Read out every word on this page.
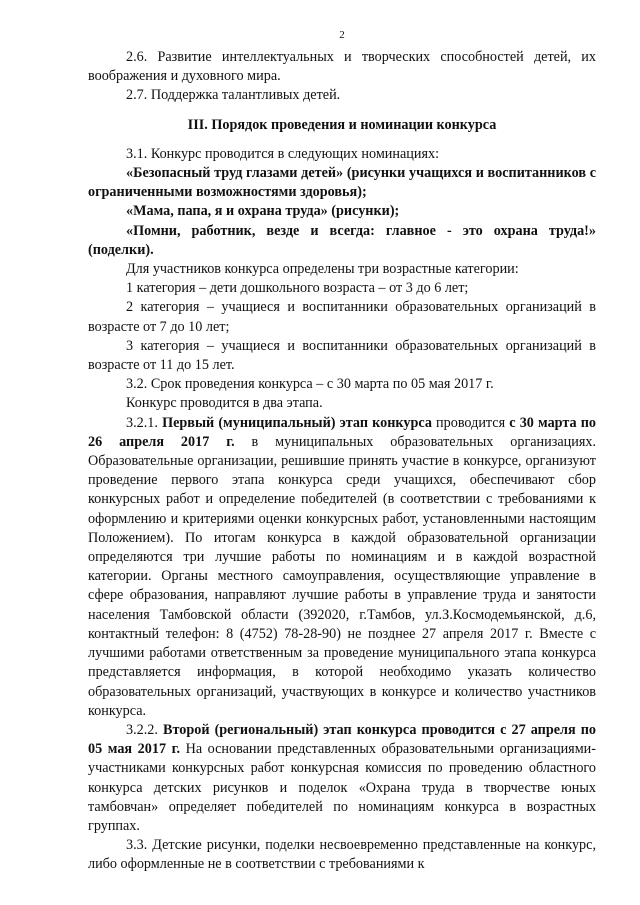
2

2.6. Развитие интеллектуальных и творческих способностей детей, их воображения и духовного мира.

2.7. Поддержка талантливых детей.

III. Порядок проведения и номинации конкурса

3.1. Конкурс проводится в следующих номинациях:

«Безопасный труд глазами детей» (рисунки учащихся и воспитанников с ограниченными возможностями здоровья);

«Мама, папа, я и охрана труда» (рисунки);

«Помни, работник, везде и всегда: главное - это охрана труда!» (поделки).

Для участников конкурса определены три возрастные категории:

1 категория – дети дошкольного возраста – от 3 до 6 лет;

2 категория – учащиеся и воспитанники образовательных организаций в возрасте от 7 до 10 лет;

3 категория – учащиеся и воспитанники образовательных организаций в возрасте от 11 до 15 лет.

3.2. Срок проведения конкурса – с 30 марта по 05 мая 2017 г.

Конкурс проводится в два этапа.

3.2.1. Первый (муниципальный) этап конкурса проводится с 30 марта по 26 апреля 2017 г. в муниципальных образовательных организациях. Образовательные организации, решившие принять участие в конкурсе, организуют проведение первого этапа конкурса среди учащихся, обеспечивают сбор конкурсных работ и определение победителей (в соответствии с требованиями к оформлению и критериями оценки конкурсных работ, установленными настоящим Положением). По итогам конкурса в каждой образовательной организации определяются три лучшие работы по номинациям и в каждой возрастной категории. Органы местного самоуправления, осуществляющие управление в сфере образования, направляют лучшие работы в управление труда и занятости населения Тамбовской области (392020, г.Тамбов, ул.З.Космодемьянской, д.6, контактный телефон: 8 (4752) 78-28-90) не позднее 27 апреля 2017 г. Вместе с лучшими работами ответственным за проведение муниципального этапа конкурса представляется информация, в которой необходимо указать количество образовательных организаций, участвующих в конкурсе и количество участников конкурса.

3.2.2. Второй (региональный) этап конкурса проводится с 27 апреля по 05 мая 2017 г. На основании представленных образовательными организациями-участниками конкурсных работ конкурсная комиссия по проведению областного конкурса детских рисунков и поделок «Охрана труда в творчестве юных тамбовчан» определяет победителей по номинациям конкурса в возрастных группах.

3.3. Детские рисунки, поделки несвоевременно представленные на конкурс, либо оформленные не в соответствии с требованиями к
